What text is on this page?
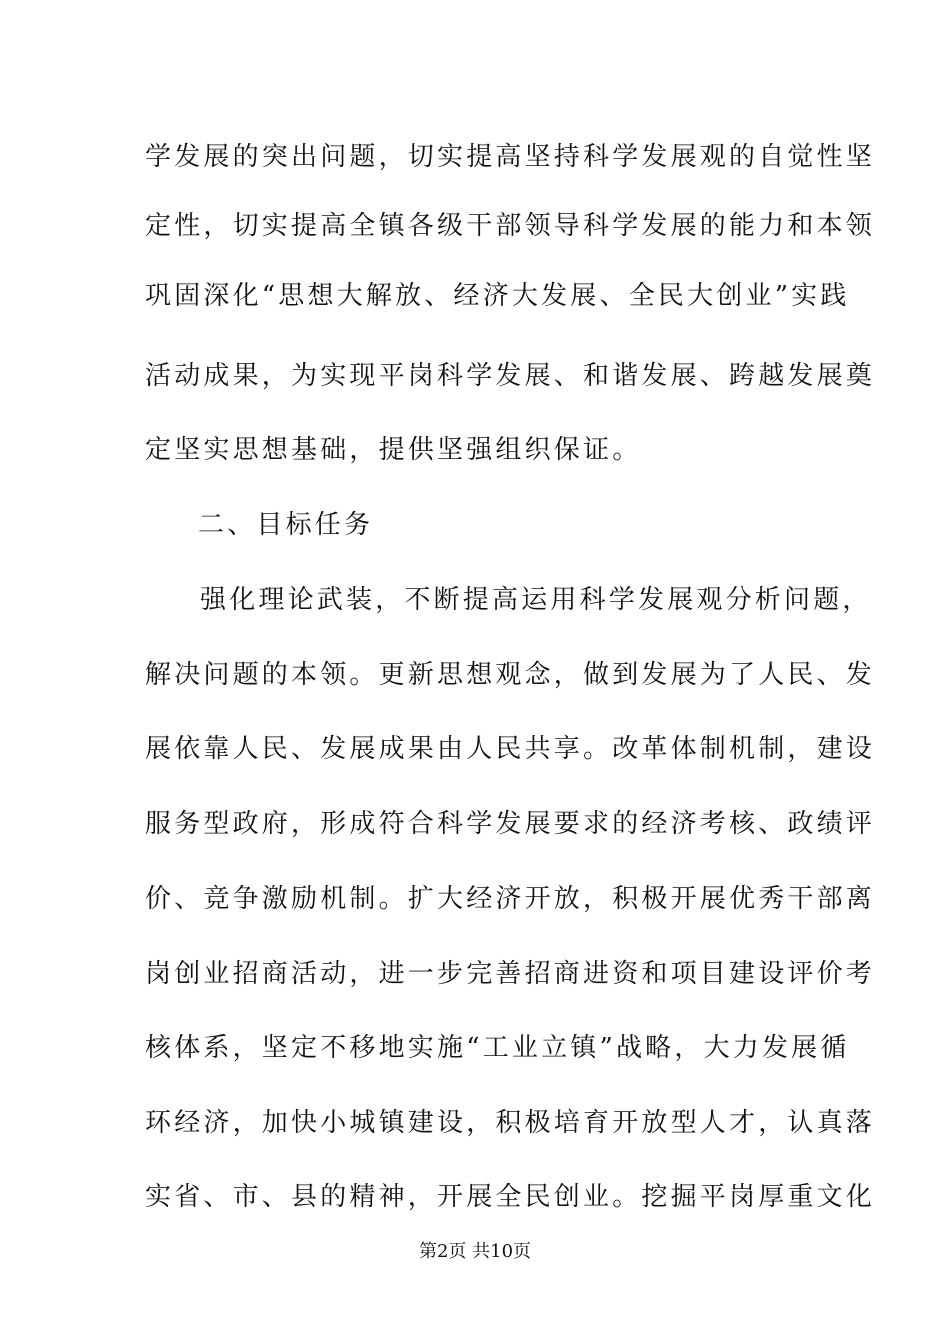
学发展的突出问题，切实提高坚持科学发展观的自觉性坚
定性，切实提高全镇各级干部领导科学发展的能力和本领
巩固深化“思想大解放、经济大发展、全民大创业”实践
活动成果，为实现平岗科学发展、和谐发展、跨越发展奠
定坚实思想基础，提供坚强组织保证。
二、目标任务
强化理论武装，不断提高运用科学发展观分析问题，
解决问题的本领。更新思想观念，做到发展为了人民、发
展依靠人民、发展成果由人民共享。改革体制机制，建设
服务型政府，形成符合科学发展要求的经济考核、政绩评
价、竞争激励机制。扩大经济开放，积极开展优秀干部离
岗创业招商活动，进一步完善招商进资和项目建设评价考
核体系，坚定不移地实施“工业立镇”战略，大力发展循
环经济，加快小城镇建设，积极培育开放型人才，认真落
实省、市、县的精神，开展全民创业。挖掘平岗厚重文化
第2页 共10页
